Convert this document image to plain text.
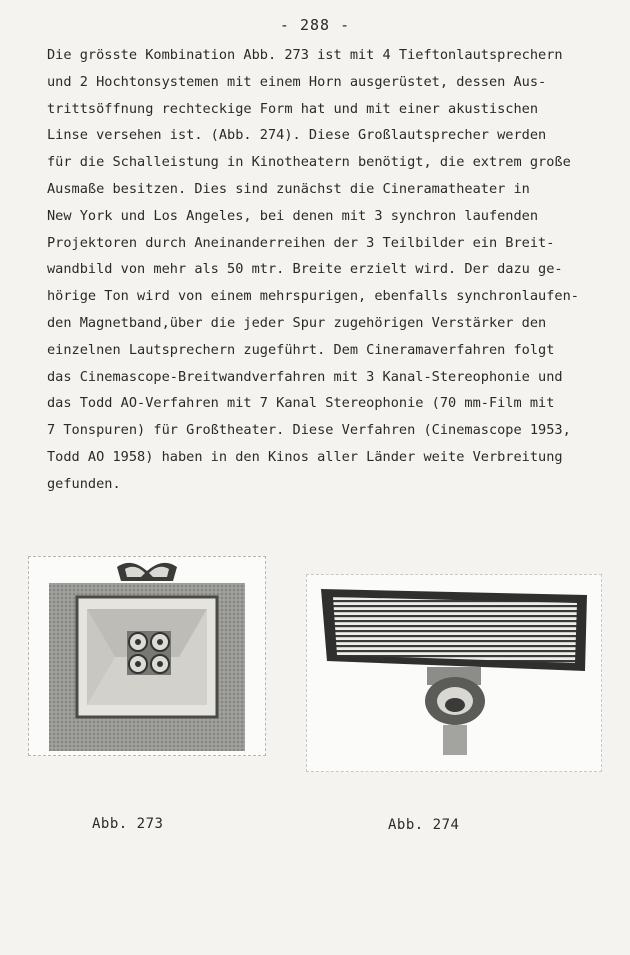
- 288 -
Die grösste Kombination Abb. 273 ist mit 4 Tieftonlautsprechern
und 2 Hochtonsystemen mit einem Horn ausgerüstet, dessen Aus-
trittsöffnung rechteckige Form hat und mit einer akustischen
Linse versehen ist. (Abb. 274). Diese Großlautsprecher werden
für die Schalleistung in Kinotheatern benötigt, die extrem große
Ausmaße besitzen. Dies sind zunächst die Cineramatheater in
New York und Los Angeles, bei denen mit 3 synchron laufenden
Projektoren durch Aneinanderreihen der 3 Teilbilder ein Breit-
wandbild von mehr als 50 mtr. Breite erzielt wird. Der dazu ge-
hörige Ton wird von einem mehrspurigen, ebenfalls synchronlaufen-
den Magnetband,über die jeder Spur zugehörigen Verstärker den
einzelnen Lautsprechern zugeführt. Dem Cineramaverfahren folgt
das Cinemascope-Breitwandverfahren mit 3 Kanal-Stereophonie und
das Todd AO-Verfahren mit 7 Kanal Stereophonie (70 mm-Film mit
7 Tonspuren) für Großtheater. Diese Verfahren (Cinemascope 1953,
Todd AO 1958) haben in den Kinos aller Länder weite Verbreitung
gefunden.
Abb. 273	Abb. 274
